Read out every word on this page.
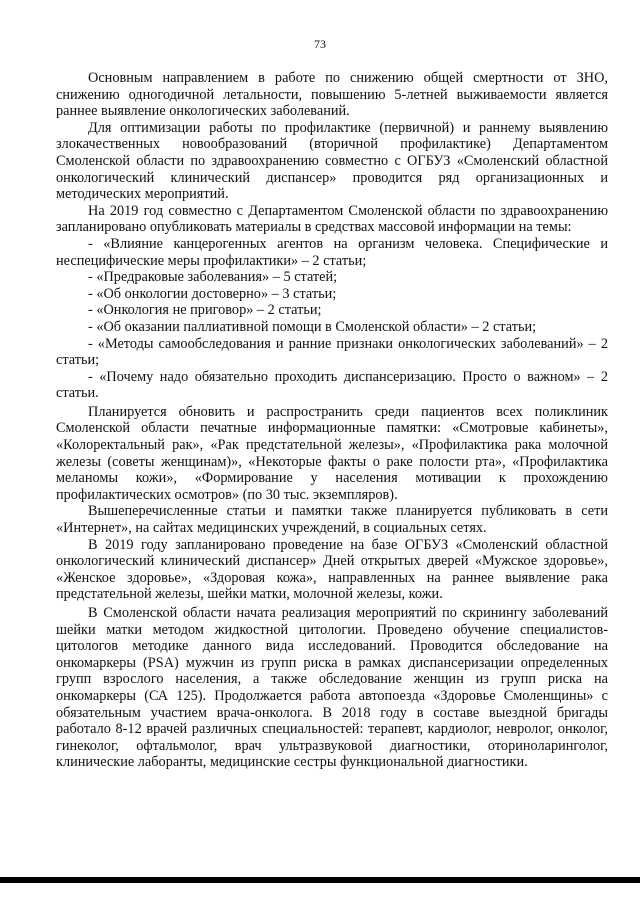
73

Основным направлением в работе по снижению общей смертности от ЗНО, снижению одногодичной летальности, повышению 5-летней выживаемости является раннее выявление онкологических заболеваний.

Для оптимизации работы по профилактике (первичной) и раннему выявлению злокачественных новообразований (вторичной профилактике) Департаментом Смоленской области по здравоохранению совместно с ОГБУЗ «Смоленский областной онкологический клинический диспансер» проводится ряд организационных и методических мероприятий.

На 2019 год совместно с Департаментом Смоленской области по здравоохранению запланировано опубликовать материалы в средствах массовой информации на темы:

- «Влияние канцерогенных агентов на организм человека. Специфические и неспецифические меры профилактики» – 2 статьи;

- «Предраковые заболевания» – 5 статей;

- «Об онкологии достоверно» – 3 статьи;

- «Онкология не приговор» – 2 статьи;

- «Об оказании паллиативной помощи в Смоленской области» – 2 статьи;

- «Методы самообследования и ранние признаки онкологических заболеваний» – 2 статьи;

- «Почему надо обязательно проходить диспансеризацию. Просто о важном» – 2 статьи.

Планируется обновить и распространить среди пациентов всех поликлиник Смоленской области печатные информационные памятки: «Смотровые кабинеты», «Колоректальный рак», «Рак предстательной железы», «Профилактика рака молочной железы (советы женщинам)», «Некоторые факты о раке полости рта», «Профилактика меланомы кожи», «Формирование у населения мотивации к прохождению профилактических осмотров» (по 30 тыс. экземпляров).

Вышеперечисленные статьи и памятки также планируется публиковать в сети «Интернет», на сайтах медицинских учреждений, в социальных сетях.

В 2019 году запланировано проведение на базе ОГБУЗ «Смоленский областной онкологический клинический диспансер» Дней открытых дверей «Мужское здоровье», «Женское здоровье», «Здоровая кожа», направленных на раннее выявление рака предстательной железы, шейки матки, молочной железы, кожи.

В Смоленской области начата реализация мероприятий по скринингу заболеваний шейки матки методом жидкостной цитологии. Проведено обучение специалистов-цитологов методике данного вида исследований. Проводится обследование на онкомаркеры (PSA) мужчин из групп риска в рамках диспансеризации определенных групп взрослого населения, а также обследование женщин из групп риска на онкомаркеры (СА 125). Продолжается работа автопоезда «Здоровье Смоленщины» с обязательным участием врача-онколога. В 2018 году в составе выездной бригады работало 8-12 врачей различных специальностей: терапевт, кардиолог, невролог, онколог, гинеколог, офтальмолог, врач ультразвуковой диагностики, оториноларинголог, клинические лаборанты, медицинские сестры функциональной диагностики.
